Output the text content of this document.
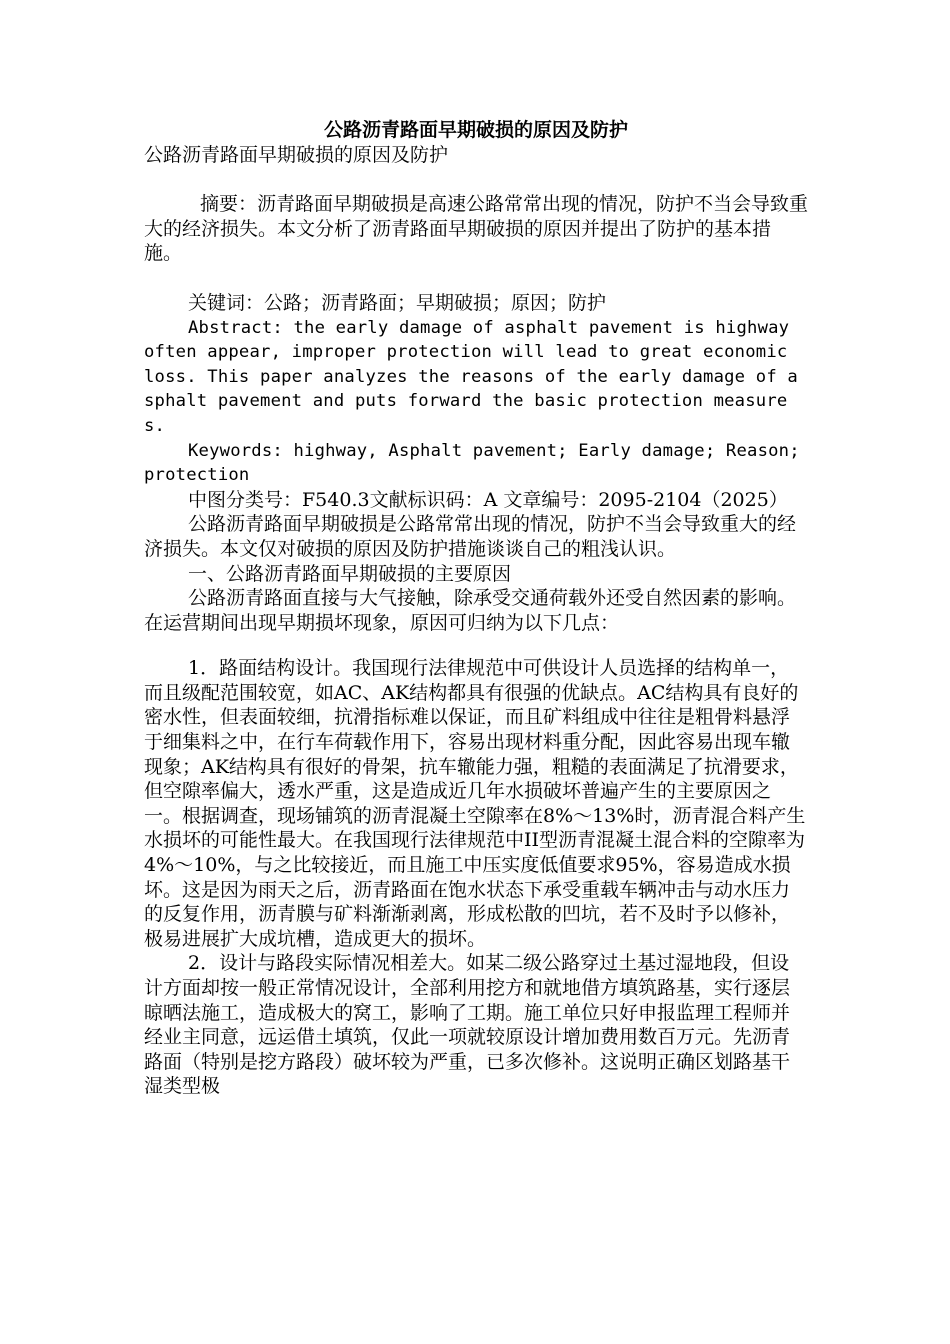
公路沥青路面早期破损的原因及防护

公路沥青路面早期破损的原因及防护

摘要：沥青路面早期破损是高速公路常常出现的情况，防护不当会导致重大的经济损失。本文分析了沥青路面早期破损的原因并提出了防护的基本措施。

关键词：公路；沥青路面；早期破损；原因；防护

Abstract: the early damage of asphalt pavement is highway often appear, improper protection will lead to great economic loss. This paper analyzes the reasons of the early damage of asphalt pavement and puts forward the basic protection measures.

Keywords: highway, Asphalt pavement; Early damage; Reason; protection

中图分类号：F540.3文献标识码：A 文章编号：2095-2104（2025）

公路沥青路面早期破损是公路常常出现的情况，防护不当会导致重大的经济损失。本文仅对破损的原因及防护措施谈谈自己的粗浅认识。

一、公路沥青路面早期破损的主要原因

公路沥青路面直接与大气接触，除承受交通荷载外还受自然因素的影响。在运营期间出现早期损坏现象，原因可归纳为以下几点：

1．路面结构设计。我国现行法律规范中可供设计人员选择的结构单一，而且级配范围较宽，如AC、AK结构都具有很强的优缺点。AC结构具有良好的密水性，但表面较细，抗滑指标难以保证，而且矿料组成中往往是粗骨料悬浮于细集料之中，在行车荷载作用下，容易出现材料重分配，因此容易出现车辙现象；AK结构具有很好的骨架，抗车辙能力强，粗糙的表面满足了抗滑要求，但空隙率偏大，透水严重，这是造成近几年水损破坏普遍产生的主要原因之一。根据调查，现场铺筑的沥青混凝土空隙率在8%～13%时，沥青混合料产生水损坏的可能性最大。在我国现行法律规范中II型沥青混凝土混合料的空隙率为4%～10%，与之比较接近，而且施工中压实度低值要求95%，容易造成水损坏。这是因为雨天之后，沥青路面在饱水状态下承受重载车辆冲击与动水压力的反复作用，沥青膜与矿料渐渐剥离，形成松散的凹坑，若不及时予以修补，极易进展扩大成坑槽，造成更大的损坏。

2．设计与路段实际情况相差大。如某二级公路穿过土基过湿地段，但设计方面却按一般正常情况设计，全部利用挖方和就地借方填筑路基，实行逐层晾晒法施工，造成极大的窝工，影响了工期。施工单位只好申报监理工程师并经业主同意，远运借土填筑，仅此一项就较原设计增加费用数百万元。先沥青路面（特别是挖方路段）破坏较为严重，已多次修补。这说明正确区划路基干湿类型极
